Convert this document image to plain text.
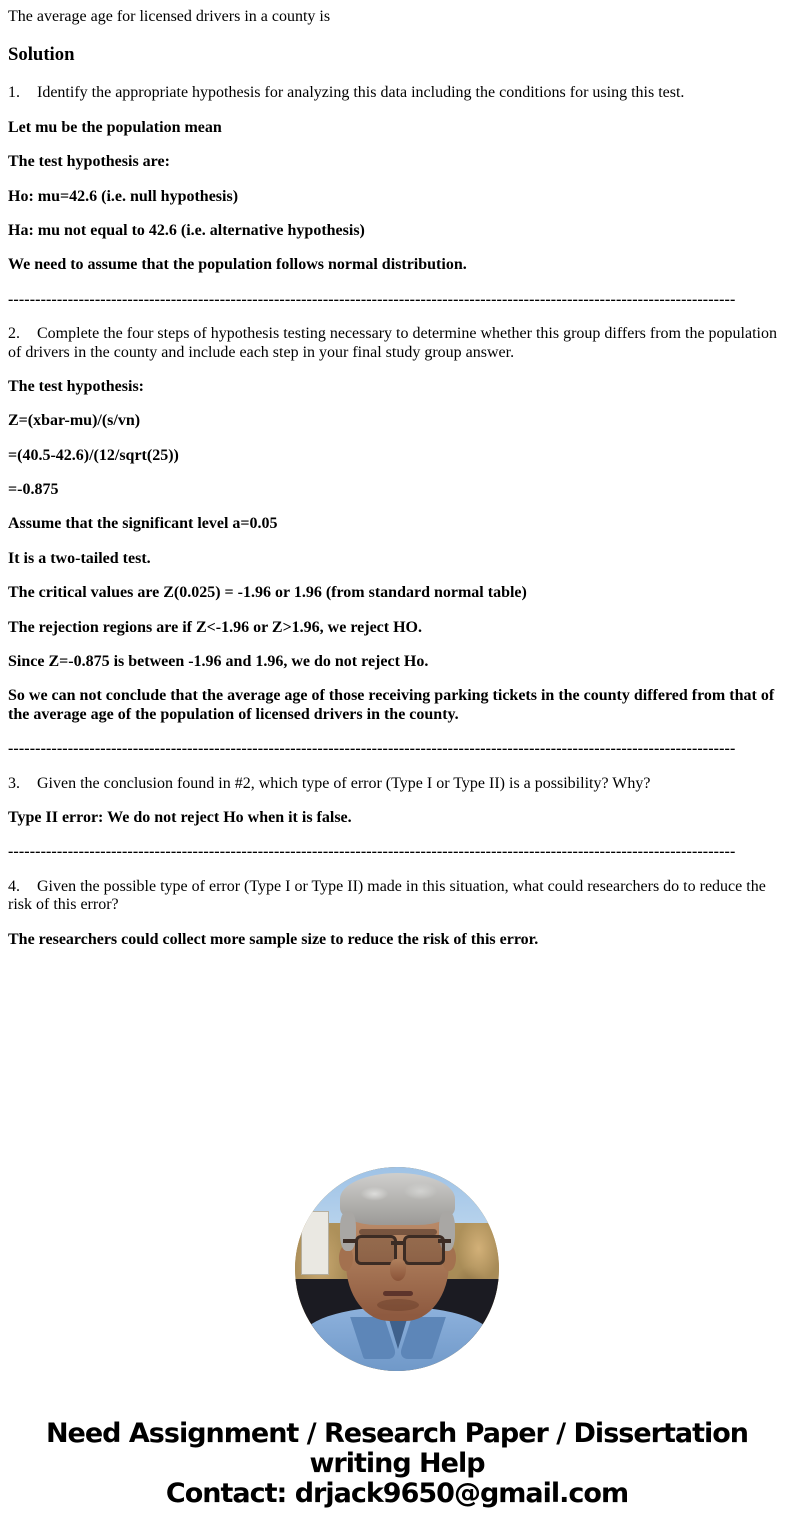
The average age for licensed drivers in a county is

Solution

1. Identify the appropriate hypothesis for analyzing this data including the conditions for using this test.

Let mu be the population mean

The test hypothesis are:

Ho: mu=42.6 (i.e. null hypothesis)

Ha: mu not equal to 42.6 (i.e. alternative hypothesis)

We need to assume that the population follows normal distribution.

--------------------------------------------------------------------------------------------------------------------------------------

2. Complete the four steps of hypothesis testing necessary to determine whether this group differs from the population of drivers in the county and include each step in your final study group answer.

The test hypothesis:

Z=(xbar-mu)/(s/vn)

=(40.5-42.6)/(12/sqrt(25))

=-0.875

Assume that the significant level a=0.05

It is a two-tailed test.

The critical values are Z(0.025) = -1.96 or 1.96 (from standard normal table)

The rejection regions are if Z<-1.96 or Z>1.96, we reject HO.

Since Z=-0.875 is between -1.96 and 1.96, we do not reject Ho.

So we can not conclude that the average age of those receiving parking tickets in the county differed from that of the average age of the population of licensed drivers in the county.

--------------------------------------------------------------------------------------------------------------------------------------

3. Given the conclusion found in #2, which type of error (Type I or Type II) is a possibility? Why?

Type II error: We do not reject Ho when it is false.

--------------------------------------------------------------------------------------------------------------------------------------

4. Given the possible type of error (Type I or Type II) made in this situation, what could researchers do to reduce the risk of this error?

The researchers could collect more sample size to reduce the risk of this error.

Need Assignment / Research Paper / Dissertation
writing Help
Contact: drjack9650@gmail.com
